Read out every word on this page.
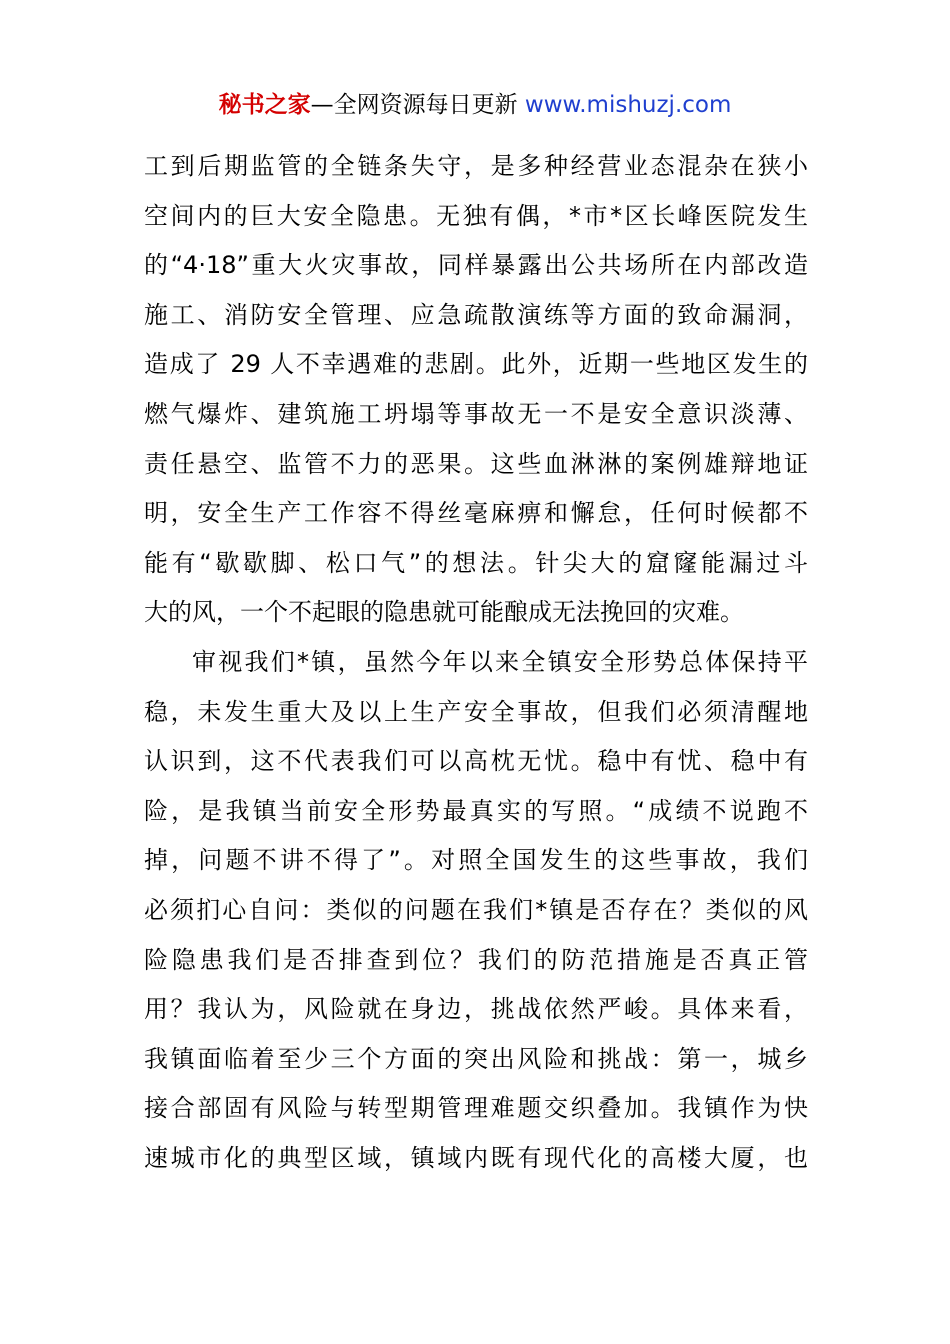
秘书之家—全网资源每日更新 www.mishuzj.com

工到后期监管的全链条失守，是多种经营业态混杂在狭小
空间内的巨大安全隐患。无独有偶，*市*区长峰医院发生
的“4·18”重大火灾事故，同样暴露出公共场所在内部改造
施工、消防安全管理、应急疏散演练等方面的致命漏洞，
造成了 29 人不幸遇难的悲剧。此外，近期一些地区发生的
燃气爆炸、建筑施工坍塌等事故无一不是安全意识淡薄、
责任悬空、监管不力的恶果。这些血淋淋的案例雄辩地证
明，安全生产工作容不得丝毫麻痹和懈怠，任何时候都不
能有“歇歇脚、松口气”的想法。针尖大的窟窿能漏过斗
大的风，一个不起眼的隐患就可能酿成无法挽回的灾难。

审视我们*镇，虽然今年以来全镇安全形势总体保持平
稳，未发生重大及以上生产安全事故，但我们必须清醒地
认识到，这不代表我们可以高枕无忧。稳中有忧、稳中有
险，是我镇当前安全形势最真实的写照。“成绩不说跑不
掉，问题不讲不得了”。对照全国发生的这些事故，我们
必须扪心自问：类似的问题在我们*镇是否存在？类似的风
险隐患我们是否排查到位？我们的防范措施是否真正管
用？我认为，风险就在身边，挑战依然严峻。具体来看，
我镇面临着至少三个方面的突出风险和挑战：第一，城乡
接合部固有风险与转型期管理难题交织叠加。我镇作为快
速城市化的典型区域，镇域内既有现代化的高楼大厦，也
